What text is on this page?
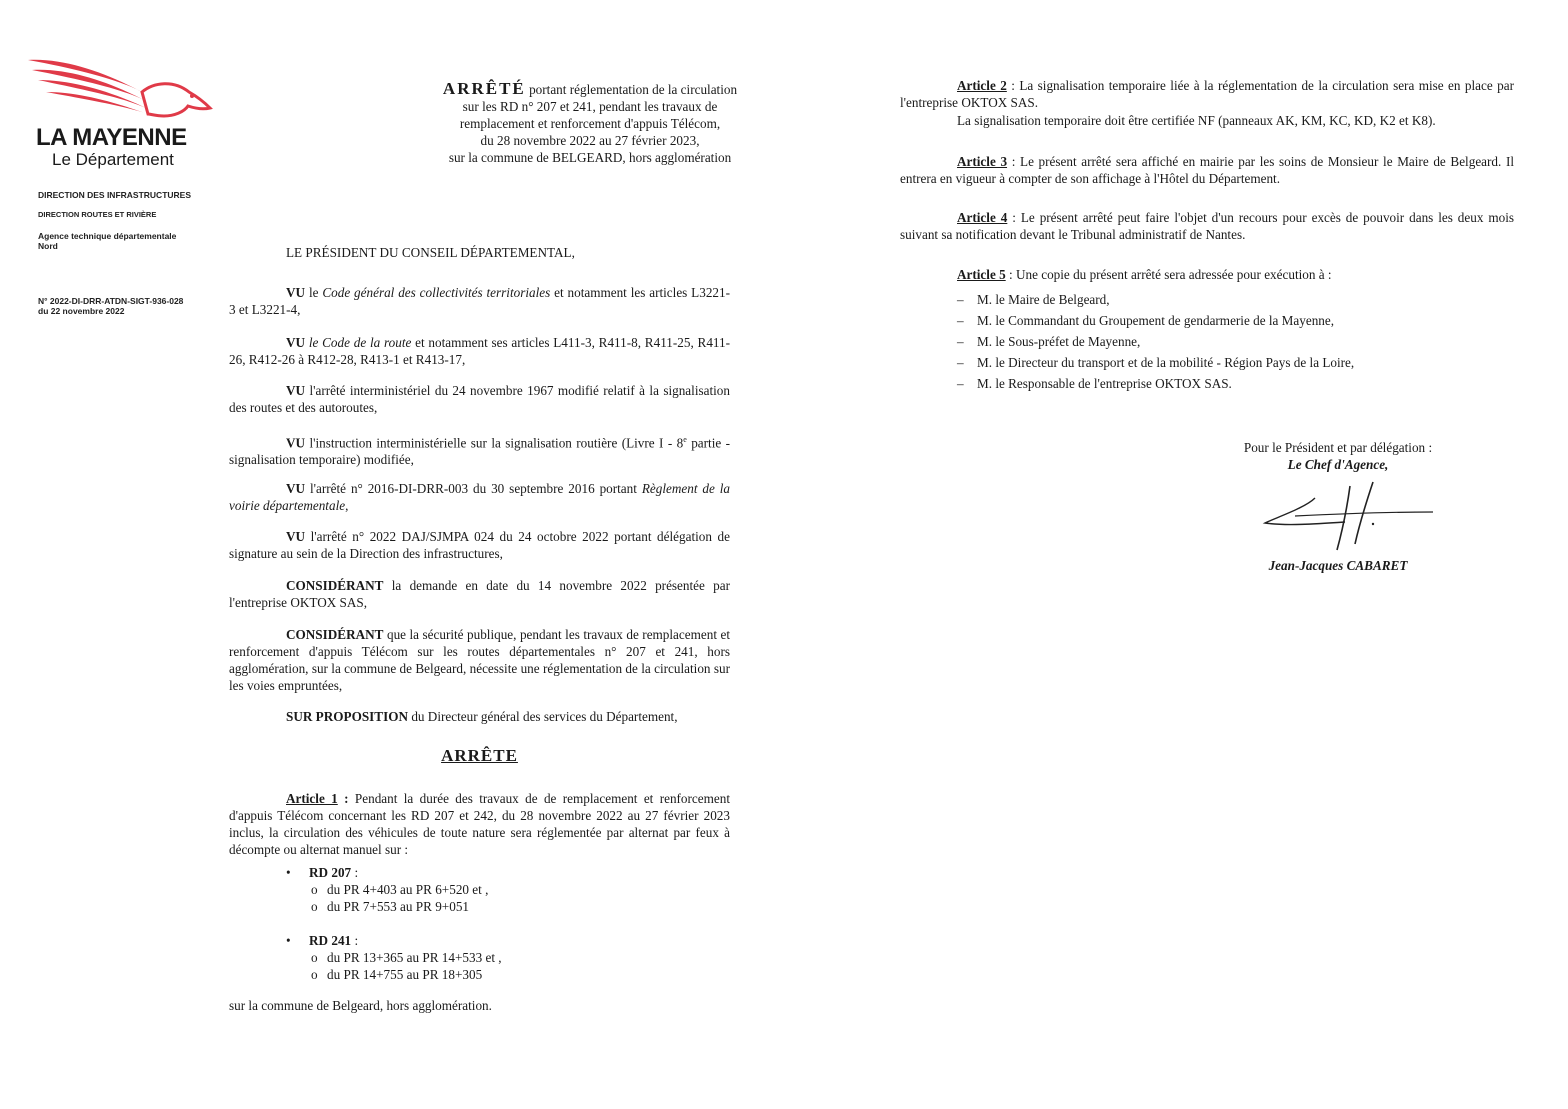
LA MAYENNE
Le Département
DIRECTION DES INFRASTRUCTURES
DIRECTION ROUTES ET RIVIÈRE
Agence technique départementale
Nord
N° 2022-DI-DRR-ATDN-SIGT-936-028
du 22 novembre 2022
ARRÊTÉ portant réglementation de la circulation
sur les RD n° 207 et 241, pendant les travaux de
remplacement et renforcement d'appuis Télécom,
du 28 novembre 2022 au 27 février 2023,
sur la commune de BELGEARD, hors agglomération
LE PRÉSIDENT DU CONSEIL DÉPARTEMENTAL,
VU le Code général des collectivités territoriales et notamment les articles L3221-3 et L3221-4,
VU le Code de la route et notamment ses articles L411-3, R411-8, R411-25, R411-26, R412-26 à R412-28, R413-1 et R413-17,
VU l'arrêté interministériel du 24 novembre 1967 modifié relatif à la signalisation des routes et des autoroutes,
VU l'instruction interministérielle sur la signalisation routière (Livre I - 8e partie - signalisation temporaire) modifiée,
VU l'arrêté n° 2016-DI-DRR-003 du 30 septembre 2016 portant Règlement de la voirie départementale,
VU l'arrêté n° 2022 DAJ/SJMPA 024 du 24 octobre 2022 portant délégation de signature au sein de la Direction des infrastructures,
CONSIDÉRANT la demande en date du 14 novembre 2022 présentée par l'entreprise OKTOX SAS,
CONSIDÉRANT que la sécurité publique, pendant les travaux de remplacement et renforcement d'appuis Télécom sur les routes départementales n° 207 et 241, hors agglomération, sur la commune de Belgeard, nécessite une réglementation de la circulation sur les voies empruntées,
SUR PROPOSITION du Directeur général des services du Département,
ARRÊTE
Article 1 : Pendant la durée des travaux de de remplacement et renforcement d'appuis Télécom concernant les RD 207 et 242, du 28 novembre 2022 au 27 février 2023 inclus, la circulation des véhicules de toute nature sera réglementée par alternat par feux à décompte ou alternat manuel sur :
• RD 207 :
o du PR 4+403 au PR 6+520 et ,
o du PR 7+553 au PR 9+051
• RD 241 :
o du PR 13+365 au PR 14+533 et ,
o du PR 14+755 au PR 18+305
sur la commune de Belgeard, hors agglomération.
Article 2 : La signalisation temporaire liée à la réglementation de la circulation sera mise en place par l'entreprise OKTOX SAS.
La signalisation temporaire doit être certifiée NF (panneaux AK, KM, KC, KD, K2 et K8).
Article 3 : Le présent arrêté sera affiché en mairie par les soins de Monsieur le Maire de Belgeard. Il entrera en vigueur à compter de son affichage à l'Hôtel du Département.
Article 4 : Le présent arrêté peut faire l'objet d'un recours pour excès de pouvoir dans les deux mois suivant sa notification devant le Tribunal administratif de Nantes.
Article 5 : Une copie du présent arrêté sera adressée pour exécution à :
– M. le Maire de Belgeard,
– M. le Commandant du Groupement de gendarmerie de la Mayenne,
– M. le Sous-préfet de Mayenne,
– M. le Directeur du transport et de la mobilité - Région Pays de la Loire,
– M. le Responsable de l'entreprise OKTOX SAS.
Pour le Président et par délégation :
Le Chef d'Agence,
Jean-Jacques CABARET
